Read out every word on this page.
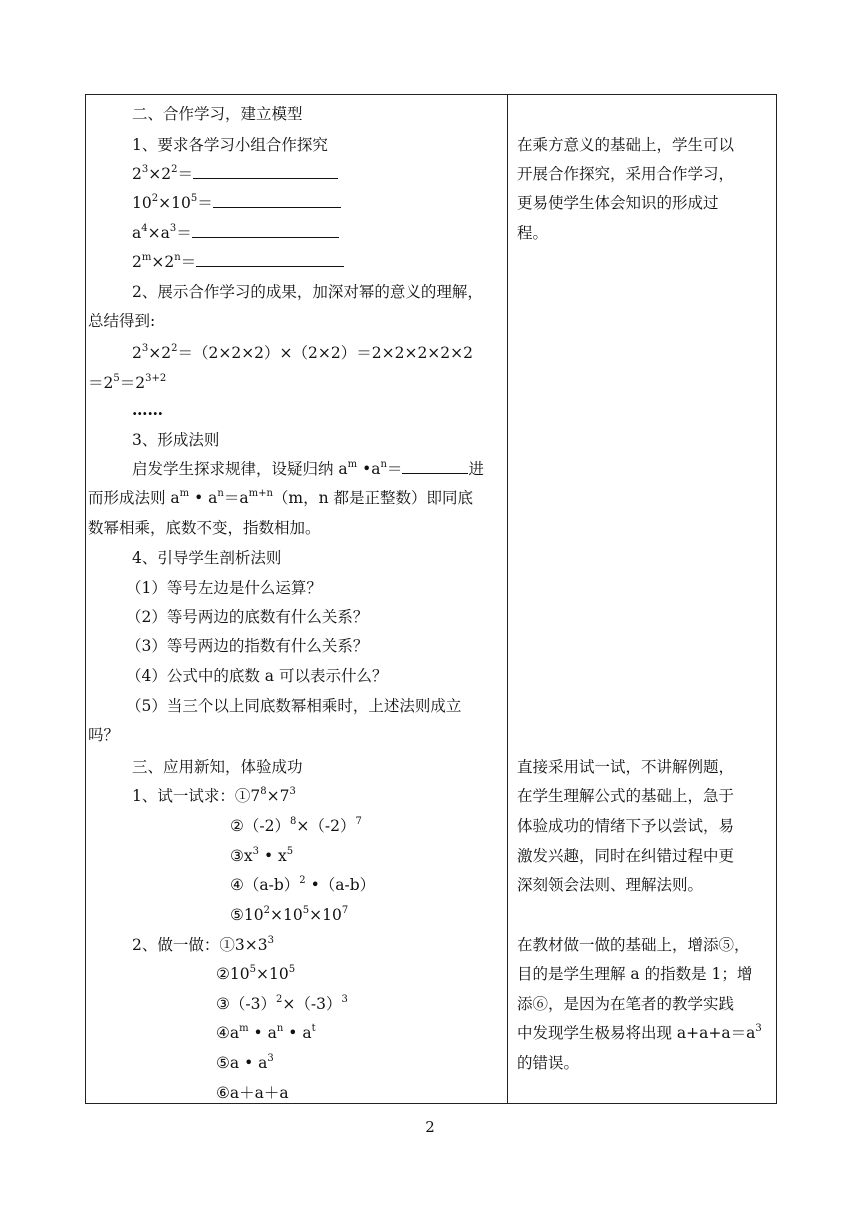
二、合作学习，建立模型
1、要求各学习小组合作探究
$2^3\times 2^2=$
$10^2\times 10^5=$
$a^4\times a^3=$
$2^m\times 2^n=$
2、展示合作学习的成果，加深对幂的意义的理解，
总结得到:
$2^3\times 2^2=(2\times 2\times 2)\times(2\times 2)=2\times 2\times 2\times 2\times 2$
$=2^5=2^{3+2}$
……
3、形成法则
启发学生探求规律，设疑归纳 $a^m$ $•a^n=$	进
而形成法则 $a^m$ • $a^n=a^{m+n}(m$，n 都是正整数）即同底
数幂相乘，底数不变，指数相加。
4、引导学生剖析法则
（1）等号左边是什么运算？
（2）等号两边的底数有什么关系？
（3）等号两边的指数有什么关系？
（4）公式中的底数 a 可以表示什么？
（5）当三个以上同底数幂相乘时，上述法则成立
吗？
三、应用新知，体验成功
1、试一试求：$①7^8\times 7^3$
$②(-2)^8\times(-2)^7$
$③x^3$ • $x^5$
$④(a-b)^2$ •（a-b）
$⑤10^2\times 10^5\times 10^7$
2、做一做：$①3\times 3^3$
$②10^5\times 10^5$
$③(-3)^2\times(-3)^3$
$④a^m$ • $a^n$ • $a^t$
⑤a • $a^3$
⑥a＋a＋a
在乘方意义的基础上，学生可以
开展合作探究，采用合作学习，
更易使学生体会知识的形成过
程。
直接采用试一试，不讲解例题，
在学生理解公式的基础上，急于
体验成功的情绪下予以尝试，易
激发兴趣，同时在纠错过程中更
深刻领会法则、理解法则。
在教材做一做的基础上，增添⑤，
目的是学生理解 a 的指数是 1；增
添⑥，是因为在笔者的教学实践
中发现学生极易将出现 $a+a+a=a^3$
的错误。
2
